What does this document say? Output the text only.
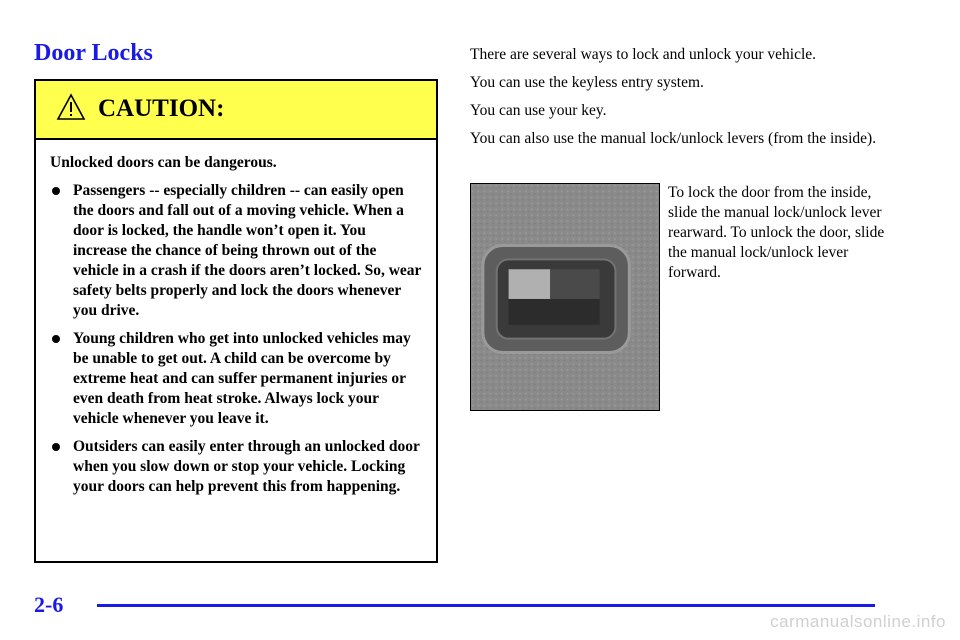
Door Locks
CAUTION:

Unlocked doors can be dangerous.

Passengers -- especially children -- can easily open the doors and fall out of a moving vehicle. When a door is locked, the handle won’t open it. You increase the chance of being thrown out of the vehicle in a crash if the doors aren’t locked. So, wear safety belts properly and lock the doors whenever you drive.
Young children who get into unlocked vehicles may be unable to get out. A child can be overcome by extreme heat and can suffer permanent injuries or even death from heat stroke. Always lock your vehicle whenever you leave it.
Outsiders can easily enter through an unlocked door when you slow down or stop your vehicle. Locking your doors can help prevent this from happening.

There are several ways to lock and unlock your vehicle.

You can use the keyless entry system.

You can use your key.

You can also use the manual lock/unlock levers (from the inside).

To lock the door from the inside, slide the manual lock/unlock lever rearward. To unlock the door, slide the manual lock/unlock lever forward.
2-6
carmanualsonline.info
